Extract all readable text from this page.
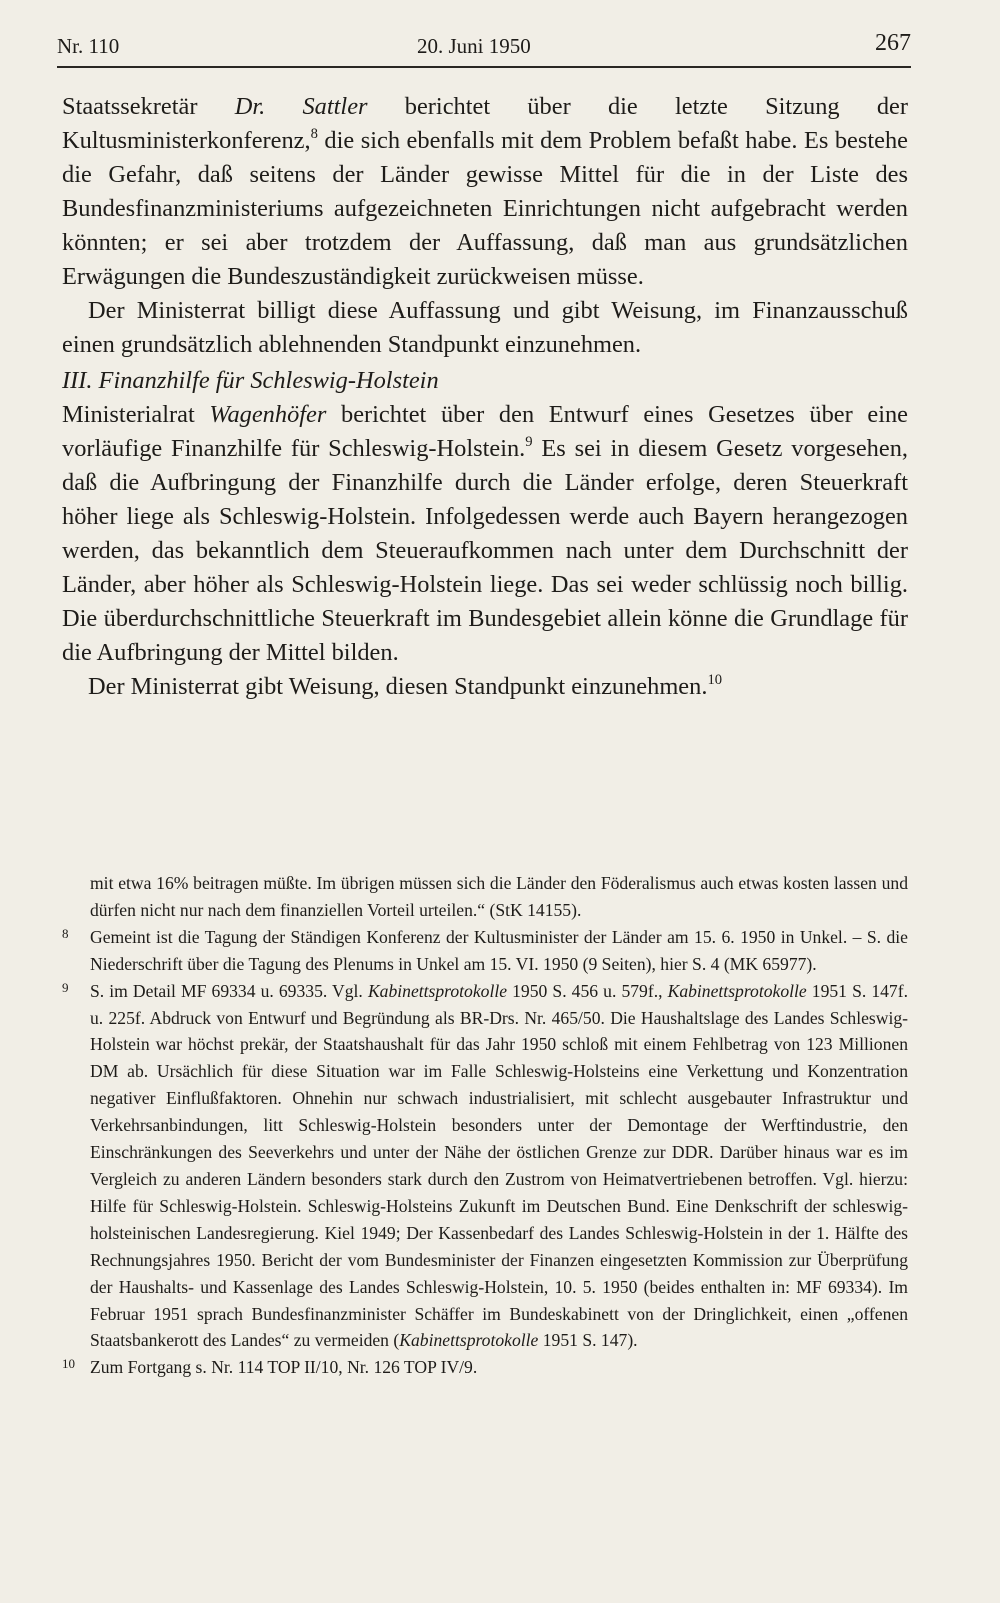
Nr. 110	20. Juni 1950	267

Staatssekretär Dr. Sattler berichtet über die letzte Sitzung der Kultusministerkonferenz,$^8$ die sich ebenfalls mit dem Problem befaßt habe. Es bestehe die Gefahr, daß seitens der Länder gewisse Mittel für die in der Liste des Bundesfinanzministeriums aufgezeichneten Einrichtungen nicht aufgebracht werden könnten; er sei aber trotzdem der Auffassung, daß man aus grundsätzlichen Erwägungen die Bundeszuständigkeit zurückweisen müsse.

Der Ministerrat billigt diese Auffassung und gibt Weisung, im Finanzausschuß einen grundsätzlich ablehnenden Standpunkt einzunehmen.

III. Finanzhilfe für Schleswig-Holstein

Ministerialrat Wagenhöfer berichtet über den Entwurf eines Gesetzes über eine vorläufige Finanzhilfe für Schleswig-Holstein.$^9$ Es sei in diesem Gesetz vorgesehen, daß die Aufbringung der Finanzhilfe durch die Länder erfolge, deren Steuerkraft höher liege als Schleswig-Holstein. Infolgedessen werde auch Bayern herangezogen werden, das bekanntlich dem Steueraufkommen nach unter dem Durchschnitt der Länder, aber höher als Schleswig-Holstein liege. Das sei weder schlüssig noch billig. Die überdurchschnittliche Steuerkraft im Bundesgebiet allein könne die Grundlage für die Aufbringung der Mittel bilden.

Der Ministerrat gibt Weisung, diesen Standpunkt einzunehmen.$^{10}$

mit etwa 16% beitragen müßte. Im übrigen müssen sich die Länder den Föderalismus auch etwas kosten lassen und dürfen nicht nur nach dem finanziellen Vorteil urteilen.“ (StK 14155).

8 Gemeint ist die Tagung der Ständigen Konferenz der Kultusminister der Länder am 15. 6. 1950 in Unkel. – S. die Niederschrift über die Tagung des Plenums in Unkel am 15. VI. 1950 (9 Seiten), hier S. 4 (MK 65977).

9 S. im Detail MF 69334 u. 69335. Vgl. Kabinettsprotokolle 1950 S. 456 u. 579f., Kabinettsprotokolle 1951 S. 147f. u. 225f. Abdruck von Entwurf und Begründung als BR-Drs. Nr. 465/50. Die Haushaltslage des Landes Schleswig-Holstein war höchst prekär, der Staatshaushalt für das Jahr 1950 schloß mit einem Fehlbetrag von 123 Millionen DM ab. Ursächlich für diese Situation war im Falle Schleswig-Holsteins eine Verkettung und Konzentration negativer Einflußfaktoren. Ohnehin nur schwach industrialisiert, mit schlecht ausgebauter Infrastruktur und Verkehrsanbindungen, litt Schleswig-Holstein besonders unter der Demontage der Werftindustrie, den Einschränkungen des Seeverkehrs und unter der Nähe der östlichen Grenze zur DDR. Darüber hinaus war es im Vergleich zu anderen Ländern besonders stark durch den Zustrom von Heimatvertriebenen betroffen. Vgl. hierzu: Hilfe für Schleswig-Holstein. Schleswig-Holsteins Zukunft im Deutschen Bund. Eine Denkschrift der schleswig-holsteinischen Landesregierung. Kiel 1949; Der Kassenbedarf des Landes Schleswig-Holstein in der 1. Hälfte des Rechnungsjahres 1950. Bericht der vom Bundesminister der Finanzen eingesetzten Kommission zur Überprüfung der Haushalts- und Kassenlage des Landes Schleswig-Holstein, 10. 5. 1950 (beides enthalten in: MF 69334). Im Februar 1951 sprach Bundesfinanzminister Schäffer im Bundeskabinett von der Dringlichkeit, einen „offenen Staatsbankerott des Landes“ zu vermeiden (Kabinettsprotokolle 1951 S. 147).

10 Zum Fortgang s. Nr. 114 TOP II/10, Nr. 126 TOP IV/9.
